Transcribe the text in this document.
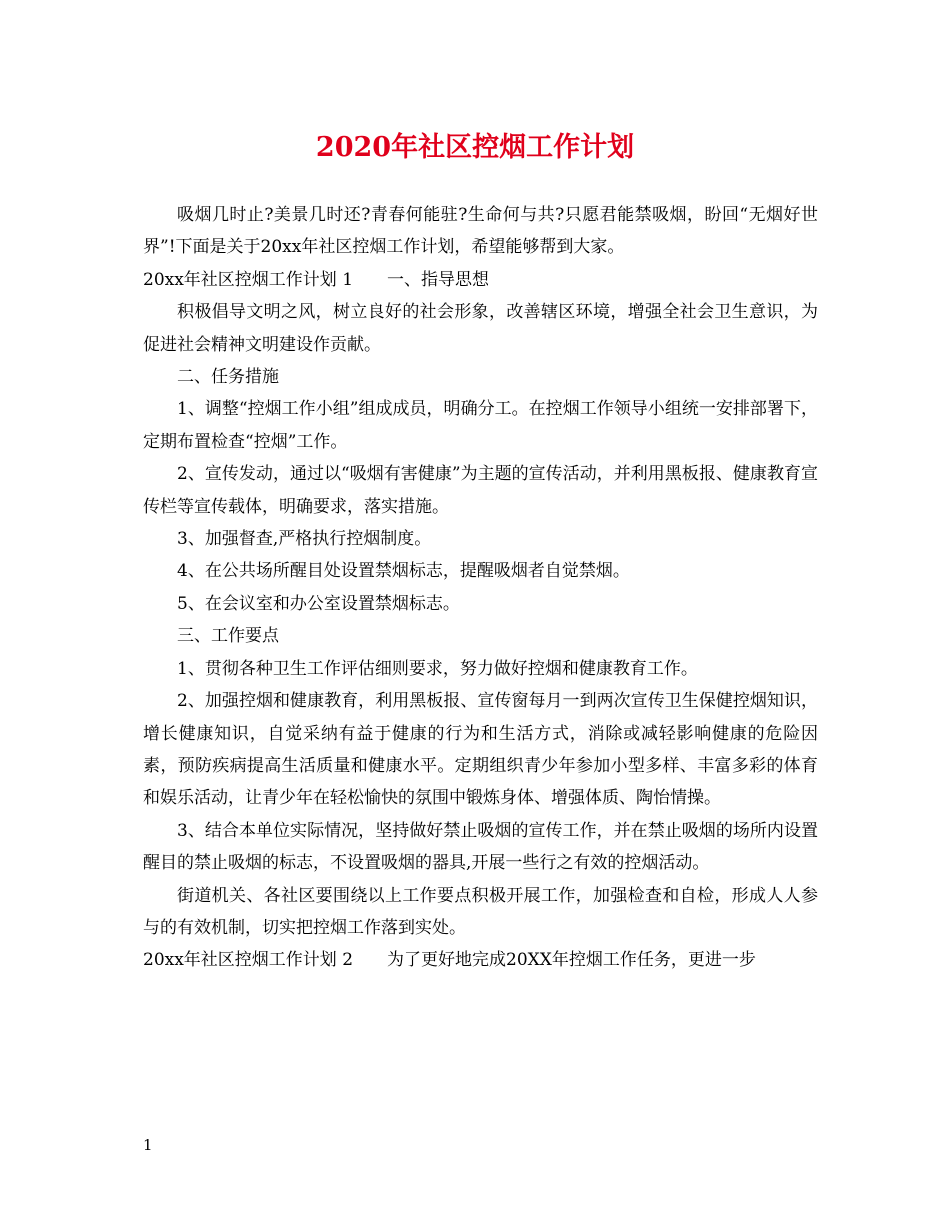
2020年社区控烟工作计划

吸烟几时止?美景几时还?青春何能驻?生命何与共?只愿君能禁吸烟，盼回“无烟好世界”!下面是关于20xx年社区控烟工作计划，希望能够帮到大家。

20xx年社区控烟工作计划 1　　一、指导思想

积极倡导文明之风，树立良好的社会形象，改善辖区环境，增强全社会卫生意识，为促进社会精神文明建设作贡献。

二、任务措施

1、调整“控烟工作小组”组成成员，明确分工。在控烟工作领导小组统一安排部署下，定期布置检查“控烟”工作。

2、宣传发动，通过以“吸烟有害健康”为主题的宣传活动，并利用黑板报、健康教育宣传栏等宣传载体，明确要求，落实措施。

3、加强督查,严格执行控烟制度。

4、在公共场所醒目处设置禁烟标志，提醒吸烟者自觉禁烟。

5、在会议室和办公室设置禁烟标志。

三、工作要点

1、贯彻各种卫生工作评估细则要求，努力做好控烟和健康教育工作。

2、加强控烟和健康教育，利用黑板报、宣传窗每月一到两次宣传卫生保健控烟知识，增长健康知识，自觉采纳有益于健康的行为和生活方式，消除或减轻影响健康的危险因素，预防疾病提高生活质量和健康水平。定期组织青少年参加小型多样、丰富多彩的体育和娱乐活动，让青少年在轻松愉快的氛围中锻炼身体、增强体质、陶怡情操。

3、结合本单位实际情况，坚持做好禁止吸烟的宣传工作，并在禁止吸烟的场所内设置醒目的禁止吸烟的标志，不设置吸烟的器具,开展一些行之有效的控烟活动。

街道机关、各社区要围绕以上工作要点积极开展工作，加强检查和自检，形成人人参与的有效机制，切实把控烟工作落到实处。

20xx年社区控烟工作计划 2　　为了更好地完成20XX年控烟工作任务，更进一步

1
